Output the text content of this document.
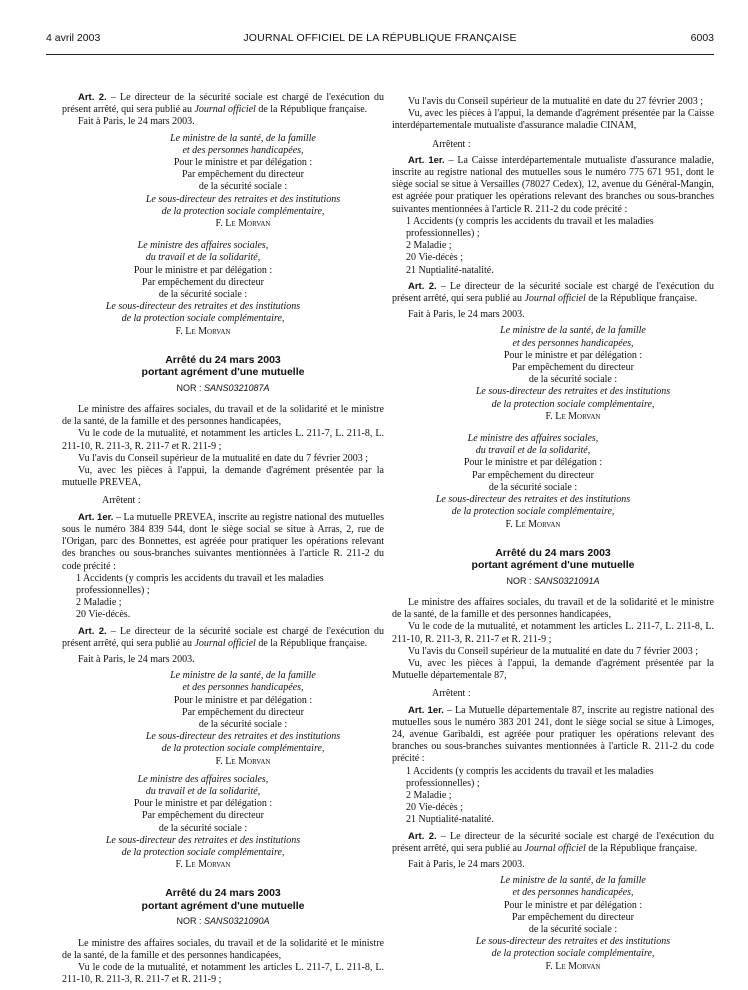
4 avril 2003	JOURNAL OFFICIEL DE LA RÉPUBLIQUE FRANÇAISE	6003

Art. 2. – Le directeur de la sécurité sociale est chargé de l'exécution du présent arrêté, qui sera publié au Journal officiel de la République française.

Fait à Paris, le 24 mars 2003.

Le ministre de la santé, de la famille
et des personnes handicapées,
Pour le ministre et par délégation :
Par empêchement du directeur
de la sécurité sociale :
Le sous-directeur des retraites et des institutions
de la protection sociale complémentaire,
F. Le Morvan
Le ministre des affaires sociales,
du travail et de la solidarité,
Pour le ministre et par délégation :
Par empêchement du directeur
de la sécurité sociale :
Le sous-directeur des retraites et des institutions
de la protection sociale complémentaire,
F. Le Morvan
Arrêté du 24 mars 2003
portant agrément d'une mutuelle
NOR : SANS0321087A

Le ministre des affaires sociales, du travail et de la solidarité et le ministre de la santé, de la famille et des personnes handicapées,

Vu le code de la mutualité, et notamment les articles L. 211-7, L. 211-8, L. 211-10, R. 211-3, R. 211-7 et R. 211-9 ;

Vu l'avis du Conseil supérieur de la mutualité en date du 7 février 2003 ;

Vu, avec les pièces à l'appui, la demande d'agrément présentée par la mutuelle PREVEA,

Arrêtent :

Art. 1er. – La mutuelle PREVEA, inscrite au registre national des mutuelles sous le numéro 384 839 544, dont le siège social se situe à Arras, 2, rue de l'Origan, parc des Bonnettes, est agréée pour pratiquer les opérations relevant des branches ou sous-branches suivantes mentionnées à l'article R. 211-2 du code précité :

1 Accidents (y compris les accidents du travail et les maladies professionnelles) ;
2 Maladie ;
20 Vie-décès.

Art. 2. – Le directeur de la sécurité sociale est chargé de l'exécution du présent arrêté, qui sera publié au Journal officiel de la République française.

Fait à Paris, le 24 mars 2003.

Le ministre de la santé, de la famille
et des personnes handicapées,
Pour le ministre et par délégation :
Par empêchement du directeur
de la sécurité sociale :
Le sous-directeur des retraites et des institutions
de la protection sociale complémentaire,
F. Le Morvan
Le ministre des affaires sociales,
du travail et de la solidarité,
Pour le ministre et par délégation :
Par empêchement du directeur
de la sécurité sociale :
Le sous-directeur des retraites et des institutions
de la protection sociale complémentaire,
F. Le Morvan
Arrêté du 24 mars 2003
portant agrément d'une mutuelle
NOR : SANS0321090A

Le ministre des affaires sociales, du travail et de la solidarité et le ministre de la santé, de la famille et des personnes handicapées,

Vu le code de la mutualité, et notamment les articles L. 211-7, L. 211-8, L. 211-10, R. 211-3, R. 211-7 et R. 211-9 ;

Vu l'avis du Conseil supérieur de la mutualité en date du 27 février 2003 ;

Vu, avec les pièces à l'appui, la demande d'agrément présentée par la Caisse interdépartementale mutualiste d'assurance maladie CINAM,

Arrêtent :

Art. 1er. – La Caisse interdépartementale mutualiste d'assurance maladie, inscrite au registre national des mutuelles sous le numéro 775 671 951, dont le siège social se situe à Versailles (78027 Cedex), 12, avenue du Général-Mangin, est agréée pour pratiquer les opérations relevant des branches ou sous-branches suivantes mentionnées à l'article R. 211-2 du code précité :

1 Accidents (y compris les accidents du travail et les maladies professionnelles) ;
2 Maladie ;
20 Vie-décès ;
21 Nuptialité-natalité.

Art. 2. – Le directeur de la sécurité sociale est chargé de l'exécution du présent arrêté, qui sera publié au Journal officiel de la République française.

Fait à Paris, le 24 mars 2003.

Le ministre de la santé, de la famille
et des personnes handicapées,
Pour le ministre et par délégation :
Par empêchement du directeur
de la sécurité sociale :
Le sous-directeur des retraites et des institutions
de la protection sociale complémentaire,
F. Le Morvan
Le ministre des affaires sociales,
du travail et de la solidarité,
Pour le ministre et par délégation :
Par empêchement du directeur
de la sécurité sociale :
Le sous-directeur des retraites et des institutions
de la protection sociale complémentaire,
F. Le Morvan
Arrêté du 24 mars 2003
portant agrément d'une mutuelle
NOR : SANS0321091A

Le ministre des affaires sociales, du travail et de la solidarité et le ministre de la santé, de la famille et des personnes handicapées,

Vu le code de la mutualité, et notamment les articles L. 211-7, L. 211-8, L. 211-10, R. 211-3, R. 211-7 et R. 211-9 ;

Vu l'avis du Conseil supérieur de la mutualité en date du 7 février 2003 ;

Vu, avec les pièces à l'appui, la demande d'agrément présentée par la Mutuelle départementale 87,

Arrêtent :

Art. 1er. – La Mutuelle départementale 87, inscrite au registre national des mutuelles sous le numéro 383 201 241, dont le siège social se situe à Limoges, 24, avenue Garibaldi, est agréée pour pratiquer les opérations relevant des branches ou sous-branches suivantes mentionnées à l'article R. 211-2 du code précité :

1 Accidents (y compris les accidents du travail et les maladies professionnelles) ;
2 Maladie ;
20 Vie-décès ;
21 Nuptialité-natalité.

Art. 2. – Le directeur de la sécurité sociale est chargé de l'exécution du présent arrêté, qui sera publié au Journal officiel de la République française.

Fait à Paris, le 24 mars 2003.

Le ministre de la santé, de la famille
et des personnes handicapées,
Pour le ministre et par délégation :
Par empêchement du directeur
de la sécurité sociale :
Le sous-directeur des retraites et des institutions
de la protection sociale complémentaire,
F. Le Morvan
